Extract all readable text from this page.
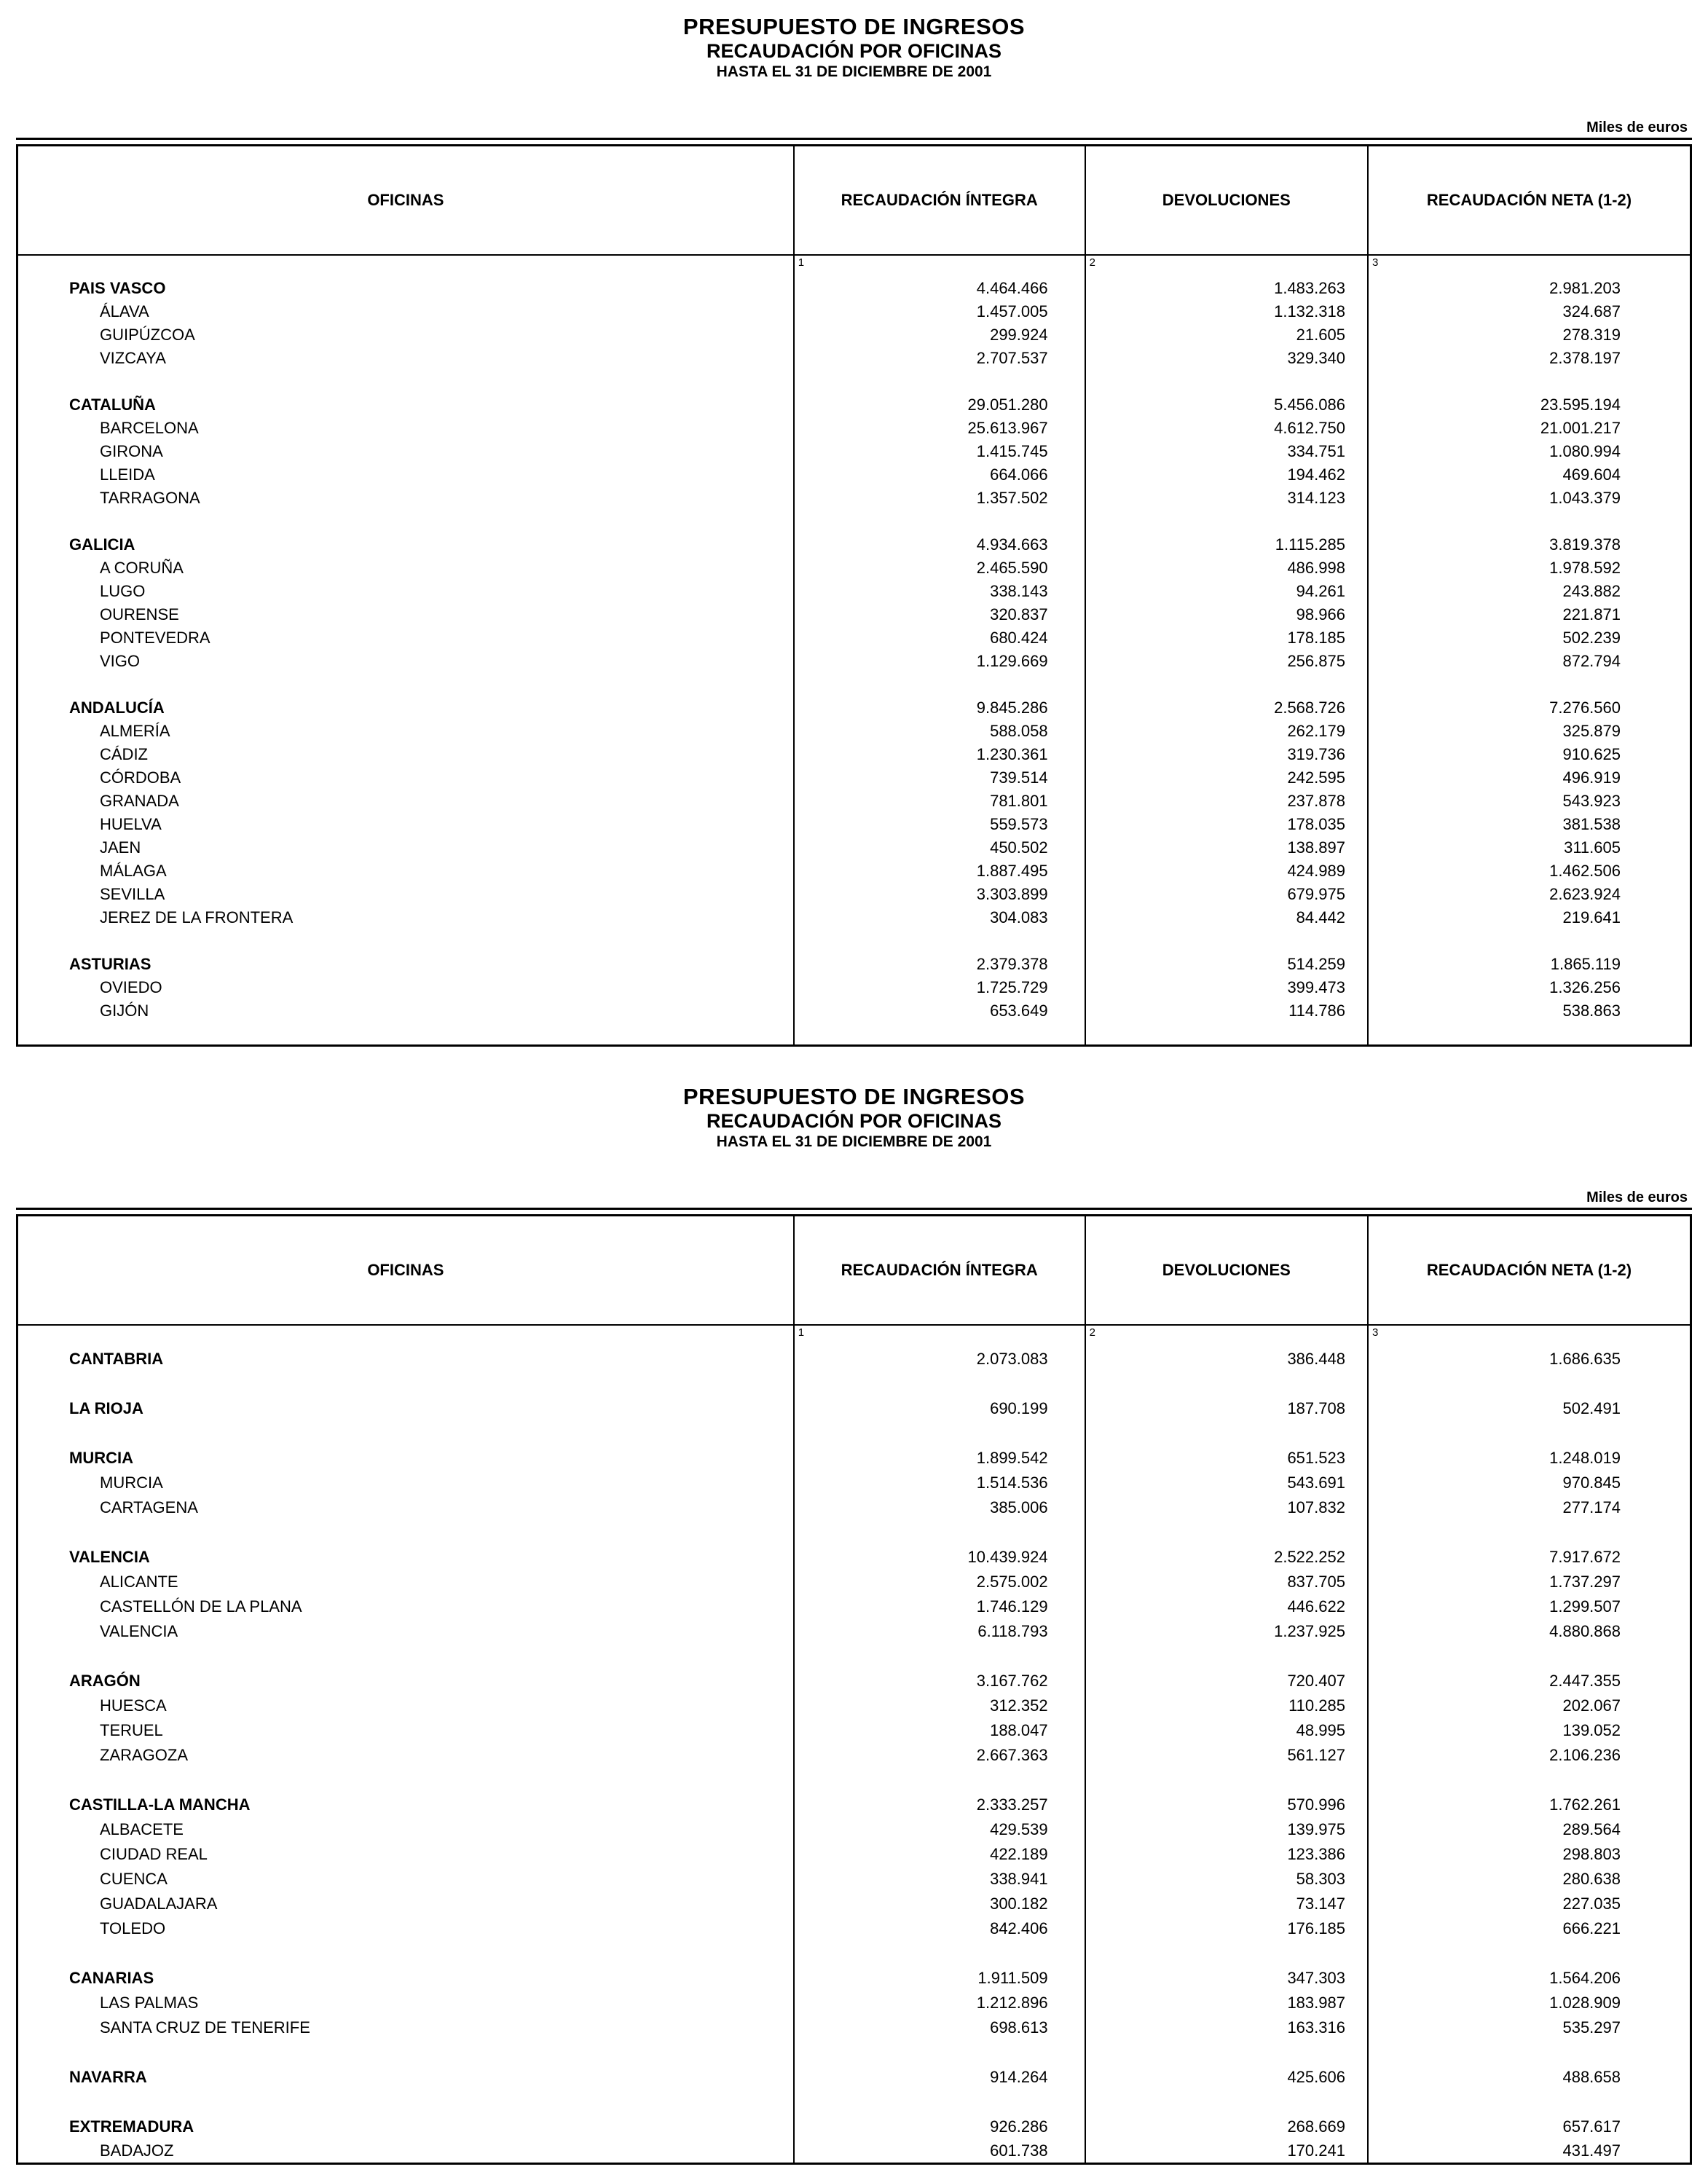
PRESUPUESTO DE INGRESOS
RECAUDACIÓN POR OFICINAS
HASTA EL 31 DE DICIEMBRE DE 2001
Miles de euros
OFICINAS	RECAUDACIÓN ÍNTEGRA	DEVOLUCIONES	RECAUDACIÓN NETA (1-2)
	1	2	3
PAIS VASCO	4.464.466	1.483.263	2.981.203
ÁLAVA	1.457.005	1.132.318	324.687
GUIPÚZCOA	299.924	21.605	278.319
VIZCAYA	2.707.537	329.340	2.378.197

CATALUÑA	29.051.280	5.456.086	23.595.194
BARCELONA	25.613.967	4.612.750	21.001.217
GIRONA	1.415.745	334.751	1.080.994
LLEIDA	664.066	194.462	469.604
TARRAGONA	1.357.502	314.123	1.043.379

GALICIA	4.934.663	1.115.285	3.819.378
A CORUÑA	2.465.590	486.998	1.978.592
LUGO	338.143	94.261	243.882
OURENSE	320.837	98.966	221.871
PONTEVEDRA	680.424	178.185	502.239
VIGO	1.129.669	256.875	872.794

ANDALUCÍA	9.845.286	2.568.726	7.276.560
ALMERÍA	588.058	262.179	325.879
CÁDIZ	1.230.361	319.736	910.625
CÓRDOBA	739.514	242.595	496.919
GRANADA	781.801	237.878	543.923
HUELVA	559.573	178.035	381.538
JAEN	450.502	138.897	311.605
MÁLAGA	1.887.495	424.989	1.462.506
SEVILLA	3.303.899	679.975	2.623.924
JEREZ DE LA FRONTERA	304.083	84.442	219.641

ASTURIAS	2.379.378	514.259	1.865.119
OVIEDO	1.725.729	399.473	1.326.256
GIJÓN	653.649	114.786	538.863

PRESUPUESTO DE INGRESOS
RECAUDACIÓN POR OFICINAS
HASTA EL 31 DE DICIEMBRE DE 2001
Miles de euros
OFICINAS	RECAUDACIÓN ÍNTEGRA	DEVOLUCIONES	RECAUDACIÓN NETA (1-2)
	1	2	3
CANTABRIA	2.073.083	386.448	1.686.635

LA RIOJA	690.199	187.708	502.491

MURCIA	1.899.542	651.523	1.248.019
MURCIA	1.514.536	543.691	970.845
CARTAGENA	385.006	107.832	277.174

VALENCIA	10.439.924	2.522.252	7.917.672
ALICANTE	2.575.002	837.705	1.737.297
CASTELLÓN DE LA PLANA	1.746.129	446.622	1.299.507
VALENCIA	6.118.793	1.237.925	4.880.868

ARAGÓN	3.167.762	720.407	2.447.355
HUESCA	312.352	110.285	202.067
TERUEL	188.047	48.995	139.052
ZARAGOZA	2.667.363	561.127	2.106.236

CASTILLA-LA MANCHA	2.333.257	570.996	1.762.261
ALBACETE	429.539	139.975	289.564
CIUDAD REAL	422.189	123.386	298.803
CUENCA	338.941	58.303	280.638
GUADALAJARA	300.182	73.147	227.035
TOLEDO	842.406	176.185	666.221

CANARIAS	1.911.509	347.303	1.564.206
LAS PALMAS	1.212.896	183.987	1.028.909
SANTA CRUZ DE TENERIFE	698.613	163.316	535.297

NAVARRA	914.264	425.606	488.658

EXTREMADURA	926.286	268.669	657.617
BADAJOZ	601.738	170.241	431.497
